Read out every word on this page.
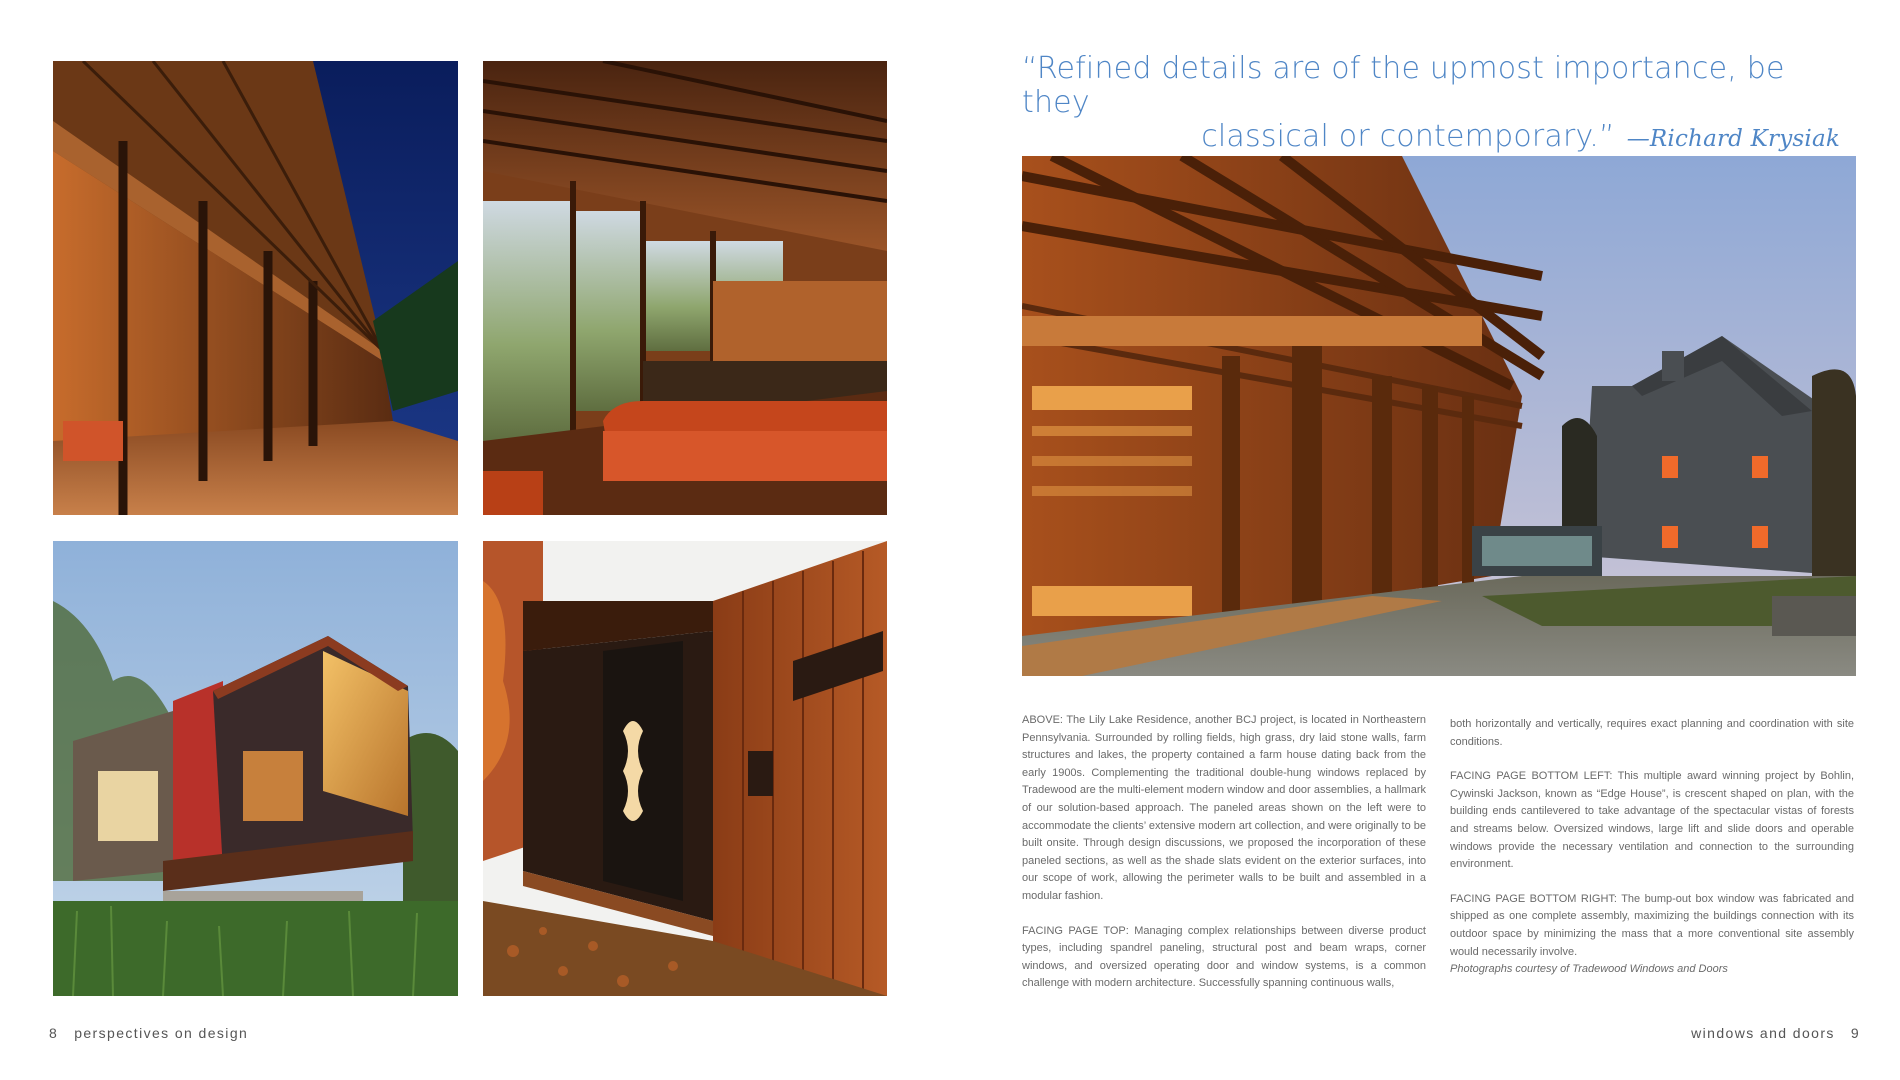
“Refined details are of the upmost importance, be they
classical or contemporary.” —Richard Krysiak

ABOVE: The Lily Lake Residence, another BCJ project, is located in Northeastern Pennsylvania. Surrounded by rolling fields, high grass, dry laid stone walls, farm structures and lakes, the property contained a farm house dating back from the early 1900s. Complementing the traditional double-hung windows replaced by Tradewood are the multi-element modern window and door assemblies, a hallmark of our solution-based approach. The paneled areas shown on the left were to accommodate the clients’ extensive modern art collection, and were originally to be built onsite. Through design discussions, we proposed the incorporation of these paneled sections, as well as the shade slats evident on the exterior surfaces, into our scope of work, allowing the perimeter walls to be built and assembled in a modular fashion.

FACING PAGE TOP: Managing complex relationships between diverse product types, including spandrel paneling, structural post and beam wraps, corner windows, and oversized operating door and window systems, is a common challenge with modern architecture. Successfully spanning continuous walls,

both horizontally and vertically, requires exact planning and coordination with site conditions.

FACING PAGE BOTTOM LEFT: This multiple award winning project by Bohlin, Cywinski Jackson, known as “Edge House”, is crescent shaped on plan, with the building ends cantilevered to take advantage of the spectacular vistas of forests and streams below. Oversized windows, large lift and slide doors and operable windows provide the necessary ventilation and connection to the surrounding environment.

FACING PAGE BOTTOM RIGHT: The bump-out box window was fabricated and shipped as one complete assembly, maximizing the buildings connection with its outdoor space by minimizing the mass that a more conventional site assembly would necessarily involve.

Photographs courtesy of Tradewood Windows and Doors
8 perspectives on design	windows and doors 9
